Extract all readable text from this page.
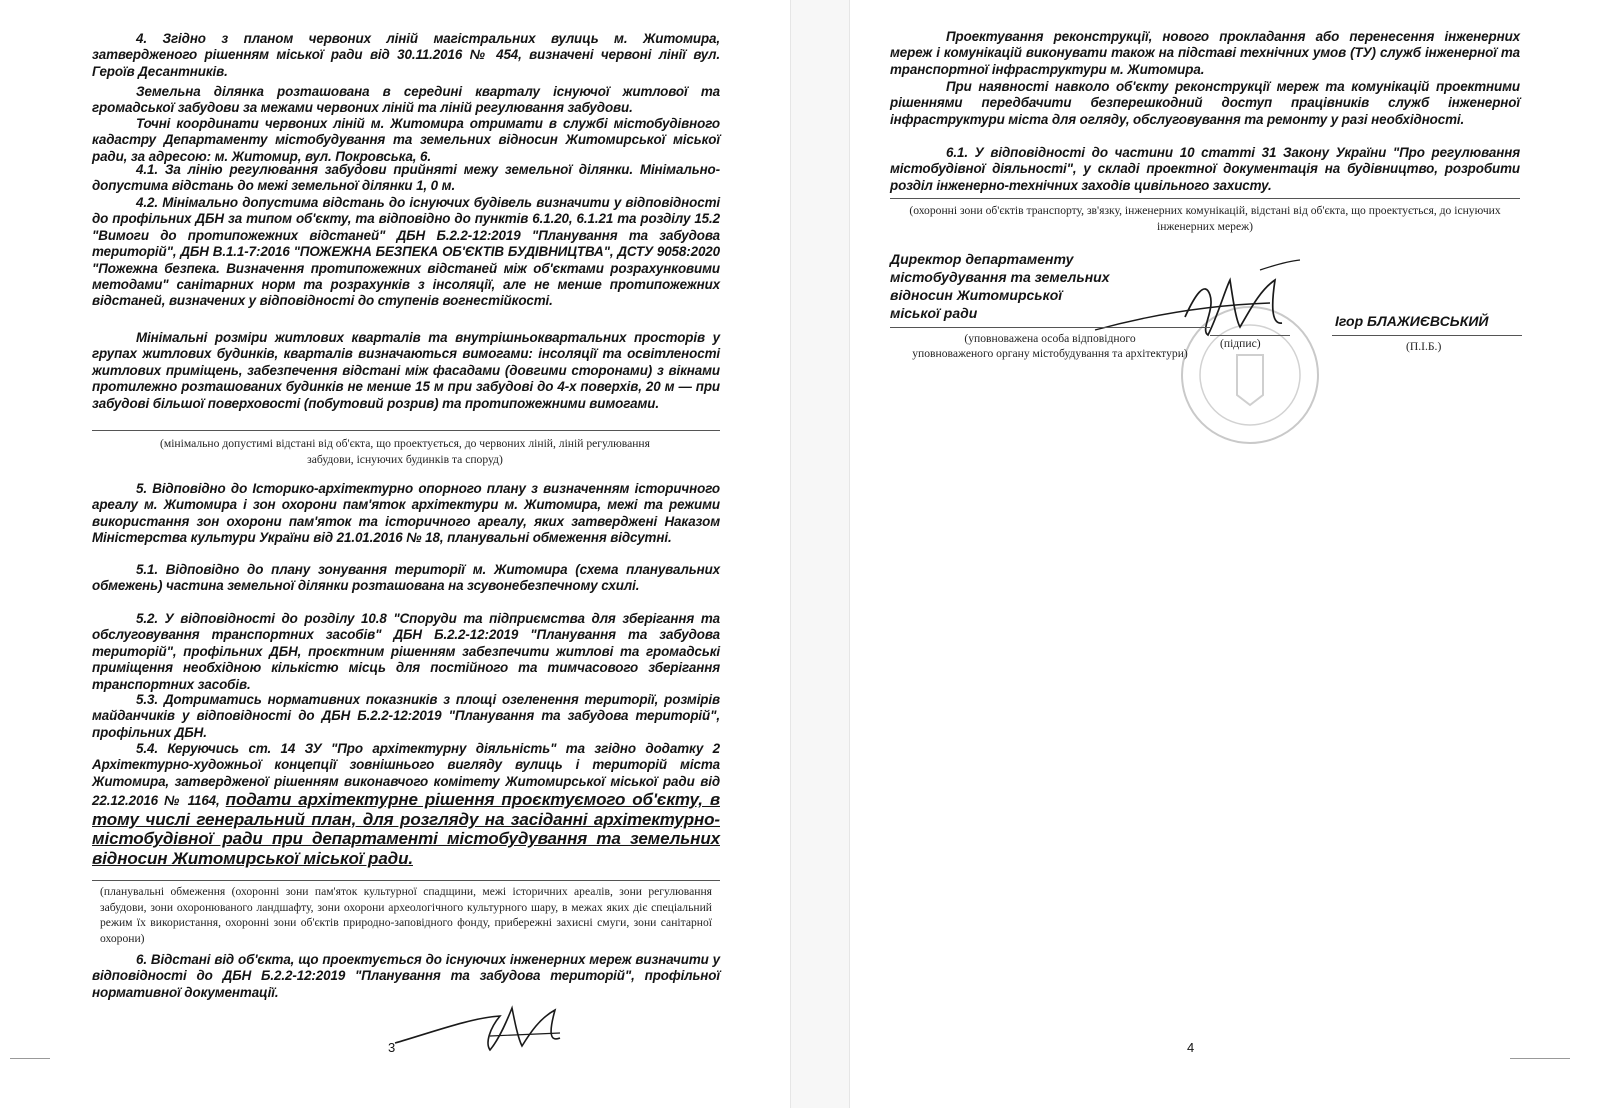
4. Згідно з планом червоних ліній магістральних вулиць м. Житомира, затвердженого рішенням міської ради від 30.11.2016 № 454, визначені червоні лінії вул. Героїв Десантників.

Земельна ділянка розташована в середині кварталу існуючої житлової та громадської забудови за межами червоних ліній та ліній регулювання забудови.

Точні координати червоних ліній м. Житомира отримати в службі містобудівного кадастру Департаменту містобудування та земельних відносин Житомирської міської ради, за адресою: м. Житомир, вул. Покровська, 6.

4.1. За лінію регулювання забудови прийняті межу земельної ділянки. Мінімально-допустима відстань до межі земельної ділянки 1, 0 м.

4.2. Мінімально допустима відстань до існуючих будівель визначити у відповідності до профільних ДБН за типом об'єкту, та відповідно до пунктів 6.1.20, 6.1.21 та розділу 15.2 "Вимоги до протипожежних відстаней" ДБН Б.2.2-12:2019 "Планування та забудова територій", ДБН В.1.1-7:2016 "ПОЖЕЖНА БЕЗПЕКА ОБ'ЄКТІВ БУДІВНИЦТВА", ДСТУ 9058:2020 "Пожежна безпека. Визначення протипожежних відстаней між об'єктами розрахунковими методами" санітарних норм та розрахунків з інсоляції, але не менше протипожежних відстаней, визначених у відповідності до ступенів вогнестійкості.

Мінімальні розміри житлових кварталів та внутрішньоквартальних просторів у групах житлових будинків, кварталів визначаються вимогами: інсоляції та освітленості житлових приміщень, забезпечення відстані між фасадами (довгими сторонами) з вікнами протилежно розташованих будинків не менше 15 м при забудові до 4-х поверхів, 20 м — при забудові більшої поверховості (побутовий розрив) та протипожежними вимогами.

(мінімально допустимі відстані від об'єкта, що проектується, до червоних ліній, ліній регулювання забудови, існуючих будинків та споруд)

5. Відповідно до Історико-архітектурно опорного плану з визначенням історичного ареалу м. Житомира і зон охорони пам'яток архітектури м. Житомира, межі та режими використання зон охорони пам'яток та історичного ареалу, яких затверджені Наказом Міністерства культури України від 21.01.2016 № 18, планувальні обмеження відсутні.

5.1. Відповідно до плану зонування території м. Житомира (схема планувальних обмежень) частина земельної ділянки розташована на зсувонебезпечному схилі.

5.2. У відповідності до розділу 10.8 "Споруди та підприємства для зберігання та обслуговування транспортних засобів" ДБН Б.2.2-12:2019 "Планування та забудова територій", профільних ДБН, проєктним рішенням забезпечити житлові та громадські приміщення необхідною кількістю місць для постійного та тимчасового зберігання транспортних засобів.

5.3. Дотриматись нормативних показників з площі озеленення території, розмірів майданчиків у відповідності до ДБН Б.2.2-12:2019 "Планування та забудова територій", профільних ДБН.

5.4. Керуючись ст. 14 ЗУ "Про архітектурну діяльність" та згідно додатку 2 Архітектурно-художньої концепції зовнішнього вигляду вулиць і територій міста Житомира, затвердженої рішенням виконавчого комітету Житомирської міської ради від 22.12.2016 № 1164, подати архітектурне рішення проєктуємого об'єкту, в тому числі генеральний план, для розгляду на засіданні архітектурно-містобудівної ради при департаменті містобудування та земельних відносин Житомирської міської ради.

(планувальні обмеження (охоронні зони пам'яток культурної спадщини, межі історичних ареалів, зони регулювання забудови, зони охоронюваного ландшафту, зони охорони археологічного культурного шару, в межах яких діє спеціальний режим їх використання, охоронні зони об'єктів природно-заповідного фонду, прибережні захисні смуги, зони санітарної охорони)

6. Відстані від об'єкта, що проектується до існуючих інженерних мереж визначити у відповідності до ДБН Б.2.2-12:2019 "Планування та забудова територій", профільної нормативної документації.

3

Проектування реконструкції, нового прокладання або перенесення інженерних мереж і комунікацій виконувати також на підставі технічних умов (ТУ) служб інженерної та транспортної інфраструктури м. Житомира.

При наявності навколо об'єкту реконструкції мереж та комунікацій проектними рішеннями передбачити безперешкодний доступ працівників служб інженерної інфраструктури міста для огляду, обслуговування та ремонту у разі необхідності.

6.1. У відповідності до частини 10 статті 31 Закону України "Про регулювання містобудівної діяльності", у складі проектної документація на будівництво, розробити розділ інженерно-технічних заходів цивільного захисту.

(охоронні зони об'єктів транспорту, зв'язку, інженерних комунікацій, відстані від об'єкта, що проектується, до існуючих інженерних мереж)

Директор департаменту
містобудування та земельних
відносин Житомирської
міської ради	Ігор БЛАЖИЄВСЬКИЙ
(уповноважена особа відповідного
уповноваженого органу містобудування та архітектури)
(підпис)	(П.І.Б.)
4
